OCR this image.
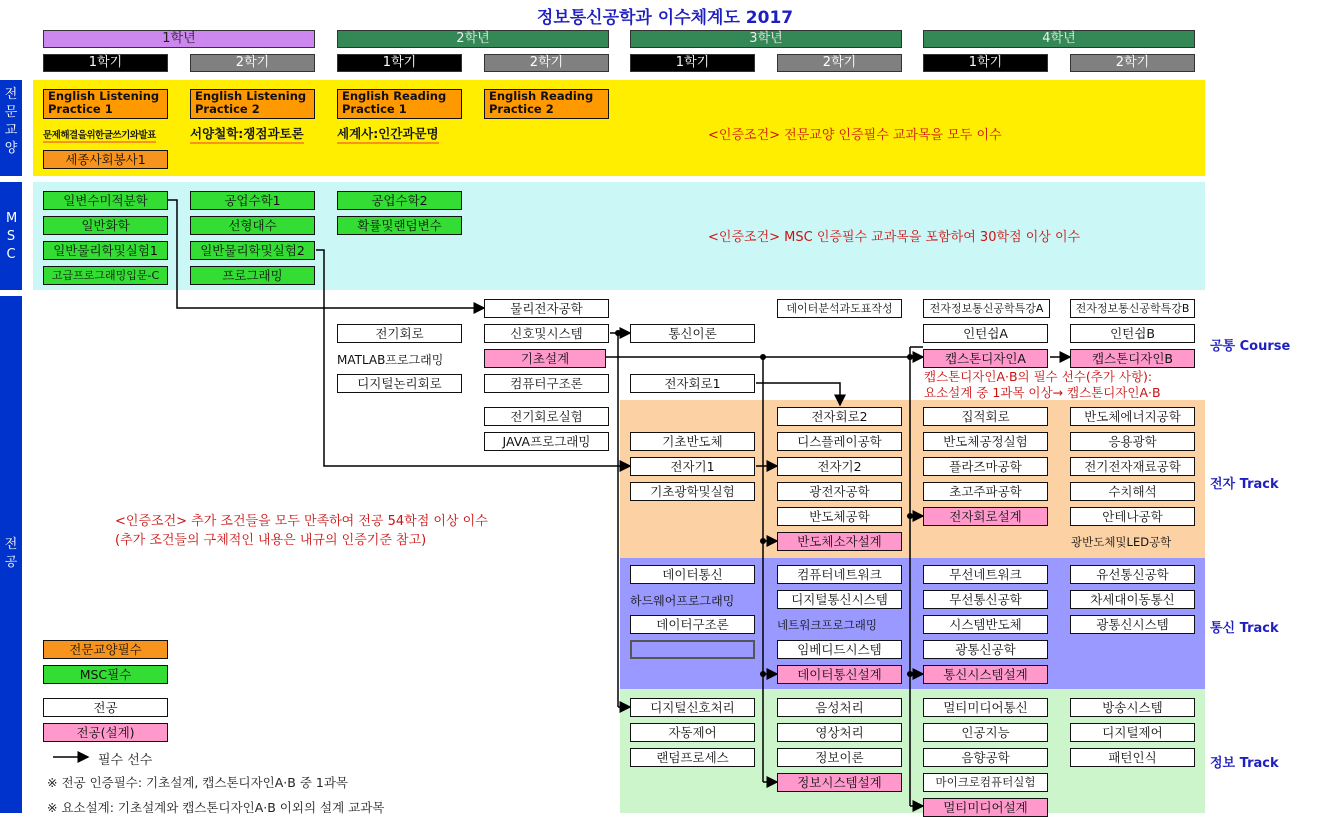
정보통신공학과 이수체계도 2017
1학년	2학년	3학년	4학년
1학기	2학기	1학기	2학기	1학기	2학기	1학기	2학기
전문교양
MSC
전공
English Listening Practice 1
English Listening Practice 2
English Reading Practice 1
English Reading Practice 2
문제해결을위한글쓰기와발표	서양철학:쟁점과토론	세계사:인간과문명
세종사회봉사1
<인증조건> 전문교양 인증필수 교과목을 모두 이수
일변수미적분학
일반화학
일반물리학및실험1
고급프로그래밍입문-C
공업수학1
선형대수
일반물리학및실험2
프로그래밍
공업수학2
확률및랜덤변수
<인증조건> MSC 인증필수 교과목을 포함하여 30학점 이상 이수
물리전자공학
전기회로
MATLAB프로그래밍
디지털논리회로
신호및시스템
기초설계
컴퓨터구조론
전기회로실험
JAVA프로그래밍
통신이론
전자회로1
데이터분석과도표작성	전자정보통신공학특강A	전자정보통신공학특강B
인턴쉽A	인턴쉽B
캡스톤디자인A	캡스톤디자인B
캡스톤디자인A·B의 필수 선수(추가 사항):
요소설계 중 1과목 이상→ 캡스톤디자인A·B
기초반도체
전자기1
기초광학및실험
전자회로2
디스플레이공학
전자기2
광전자공학
반도체공학
반도체소자설계
집적회로
반도체공정실험
플라즈마공학
초고주파공학
전자회로설계
반도체에너지공학
응용광학
전기전자재료공학
수치해석
안테나공학
광반도체및LED공학
데이터통신
하드웨어프로그래밍
데이터구조론
컴퓨터네트워크
디지털통신시스템
네트워크프로그래밍
임베디드시스템
데이터통신설계
무선네트워크
무선통신공학
시스템반도체
광통신공학
통신시스템설계
유선통신공학
차세대이동통신
광통신시스템
디지털신호처리
자동제어
랜덤프로세스
음성처리
영상처리
정보이론
정보시스템설계
멀티미디어통신
인공지능
음향공학
마이크로컴퓨터실험
멀티미디어설계
방송시스템
디지털제어
패턴인식
공통 Course
전자 Track
통신 Track
정보 Track
<인증조건> 추가 조건들을 모두 만족하여 전공 54학점 이상 이수
(추가 조건들의 구체적인 내용은 내규의 인증기준 참고)
전문교양필수
MSC필수
전공
전공(설계)
필수 선수
※ 전공 인증필수: 기초설계, 캡스톤디자인A·B 중 1과목
※ 요소설계: 기초설계와 캡스톤디자인A·B 이외의 설계 교과목
